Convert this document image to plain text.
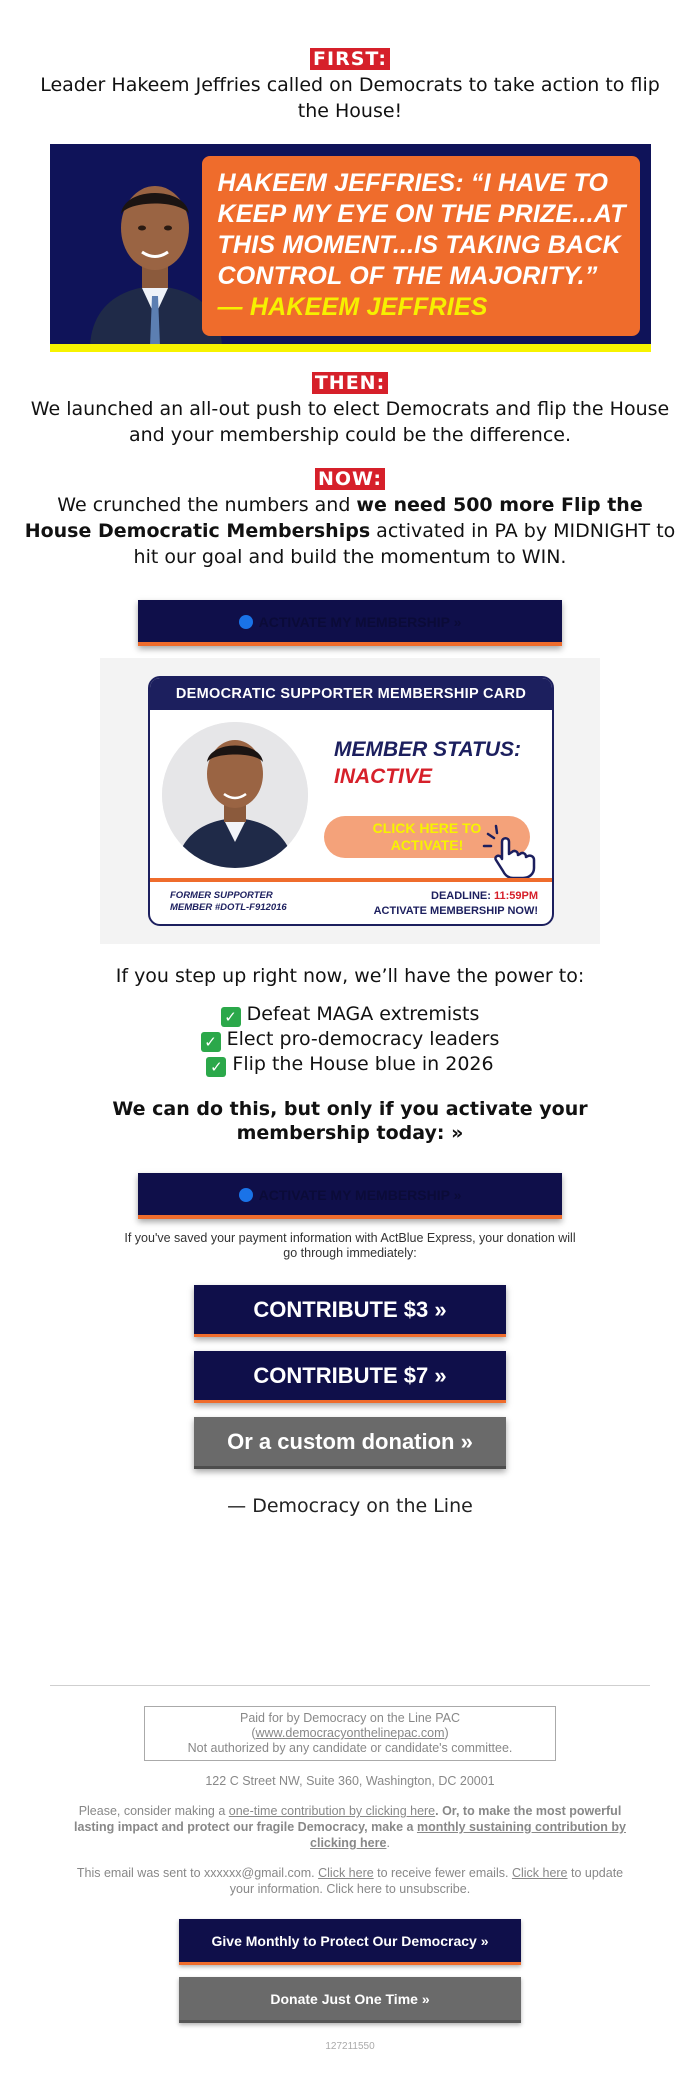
FIRST:

Leader Hakeem Jeffries called on Democrats to take action to flip the House!

HAKEEM JEFFRIES: “I HAVE TO
KEEP MY EYE ON THE PRIZE...AT
THIS MOMENT...IS TAKING BACK
CONTROL OF THE MAJORITY.”
— HAKEEM JEFFRIES
THEN:

We launched an all-out push to elect Democrats and flip the House and your membership could be the difference.

NOW:

We crunched the numbers and we need 500 more Flip the House Democratic Memberships activated in PA by MIDNIGHT to hit our goal and build the momentum to WIN.

ACTIVATE MY MEMBERSHIP »
DEMOCRATIC SUPPORTER MEMBERSHIP CARD
MEMBER STATUS:
INACTIVE
CLICK HERE TO
ACTIVATE!
FORMER SUPPORTER
MEMBER #DOTL-F912016
DEADLINE: 11:59PM
ACTIVATE MEMBERSHIP NOW!
If you step up right now, we’ll have the power to:
✓ Defeat MAGA extremists
✓ Elect pro-democracy leaders
✓ Flip the House blue in 2026
We can do this, but only if you activate your membership today: »
ACTIVATE MY MEMBERSHIP »
If you've saved your payment information with ActBlue Express, your donation will go through immediately:
CONTRIBUTE $3 »
CONTRIBUTE $7 »
Or a custom donation »
— Democracy on the Line
Paid for by Democracy on the Line PAC
(www.democracyonthelinepac.com)
Not authorized by any candidate or candidate's committee.
122 C Street NW, Suite 360, Washington, DC 20001
Please, consider making a one-time contribution by clicking here. Or, to make the most powerful lasting impact and protect our fragile Democracy, make a monthly sustaining contribution by clicking here.
This email was sent to xxxxxx@gmail.com. Click here to receive fewer emails. Click here to update your information. Click here to unsubscribe.
Give Monthly to Protect Our Democracy »
Donate Just One Time »
127211550
